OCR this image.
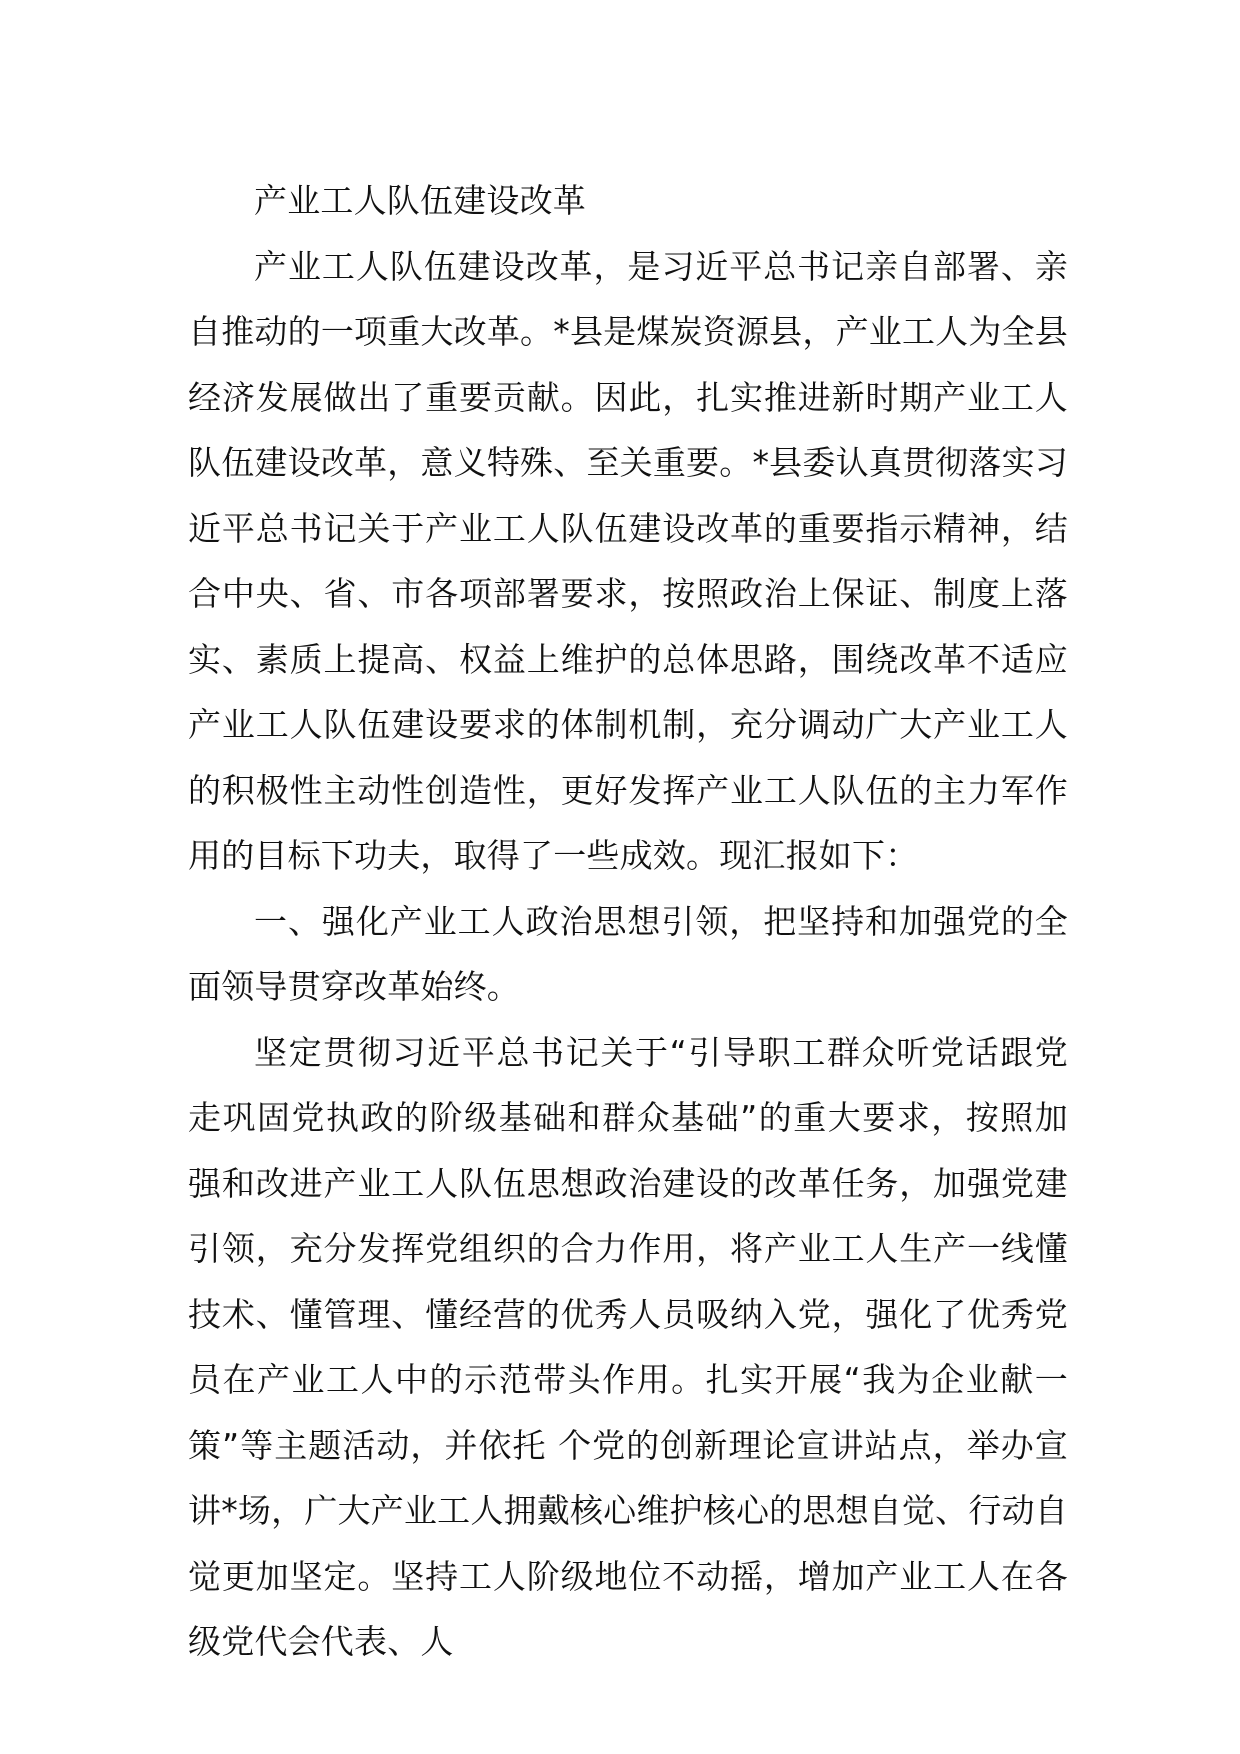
产业工人队伍建设改革

产业工人队伍建设改革，是习近平总书记亲自部署、亲自推动的一项重大改革。*县是煤炭资源县，产业工人为全县经济发展做出了重要贡献。因此，扎实推进新时期产业工人队伍建设改革，意义特殊、至关重要。*县委认真贯彻落实习近平总书记关于产业工人队伍建设改革的重要指示精神，结合中央、省、市各项部署要求，按照政治上保证、制度上落实、素质上提高、权益上维护的总体思路，围绕改革不适应产业工人队伍建设要求的体制机制，充分调动广大产业工人的积极性主动性创造性，更好发挥产业工人队伍的主力军作用的目标下功夫，取得了一些成效。现汇报如下：

一、强化产业工人政治思想引领，把坚持和加强党的全面领导贯穿改革始终。

坚定贯彻习近平总书记关于“引导职工群众听党话跟党走巩固党执政的阶级基础和群众基础”的重大要求，按照加强和改进产业工人队伍思想政治建设的改革任务，加强党建引领，充分发挥党组织的合力作用，将产业工人生产一线懂技术、懂管理、懂经营的优秀人员吸纳入党，强化了优秀党员在产业工人中的示范带头作用。扎实开展“我为企业献一策”等主题活动，并依托 个党的创新理论宣讲站点，举办宣讲*场，广大产业工人拥戴核心维护核心的思想自觉、行动自觉更加坚定。坚持工人阶级地位不动摇，增加产业工人在各级党代会代表、人
